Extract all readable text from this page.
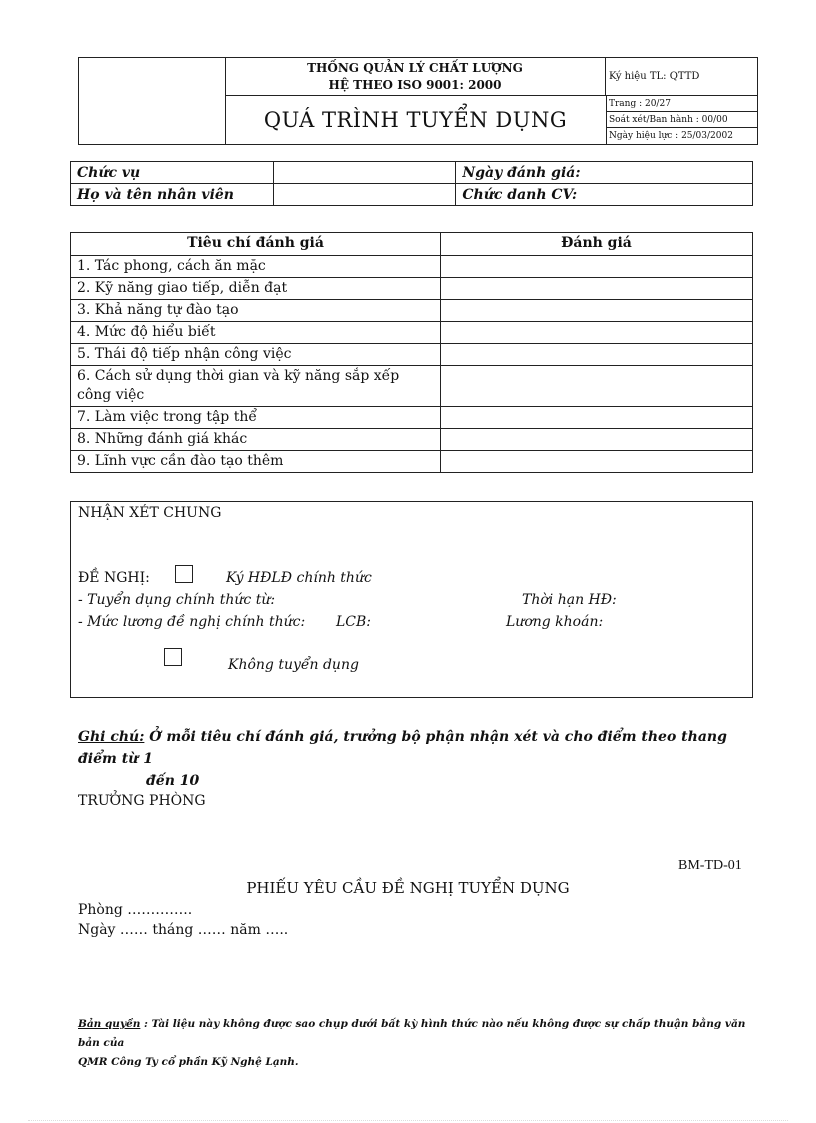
THỐNG QUẢN LÝ CHẤT LƯỢNG
HỆ THEO ISO 9001: 2000
QUÁ TRÌNH TUYỂN DỤNG
Ký hiệu TL: QTTD
Trang : 20/27
Soát xét/Ban hành : 00/00
Ngày hiệu lực : 25/03/2002
Chức vụ		Ngày đánh giá:
Họ và tên nhân viên		Chức danh CV:
Tiêu chí đánh giá	Đánh giá
1. Tác phong, cách ăn mặc	
2. Kỹ năng giao tiếp, diễn đạt	
3. Khả năng tự đào tạo	
4. Mức độ hiểu biết	
5. Thái độ tiếp nhận công việc	
6. Cách sử dụng thời gian và kỹ năng sắp xếp công việc	
7. Làm việc trong tập thể	
8. Những đánh giá khác	
9. Lĩnh vực cần đào tạo thêm	
NHẬN XÉT CHUNG
ĐỀ NGHỊ:	Ký HĐLĐ chính thức
- Tuyển dụng chính thức từ:	Thời hạn HĐ:
- Mức lương đề nghị chính thức: LCB:	Lương khoán:
Không tuyển dụng
Ghi chú: Ở mỗi tiêu chí đánh giá, trưởng bộ phận nhận xét và cho điểm theo thang điểm từ 1
đến 10
TRƯỞNG PHÒNG
BM-TD-01
PHIẾU YÊU CẦU ĐỀ NGHỊ TUYỂN DỤNG
Phòng …………..
Ngày …… tháng …… năm …..
Bản quyền : Tài liệu này không được sao chụp dưới bất kỳ hình thức nào nếu không được sự chấp thuận bằng văn bản của
QMR Công Ty cổ phần Kỹ Nghệ Lạnh.
